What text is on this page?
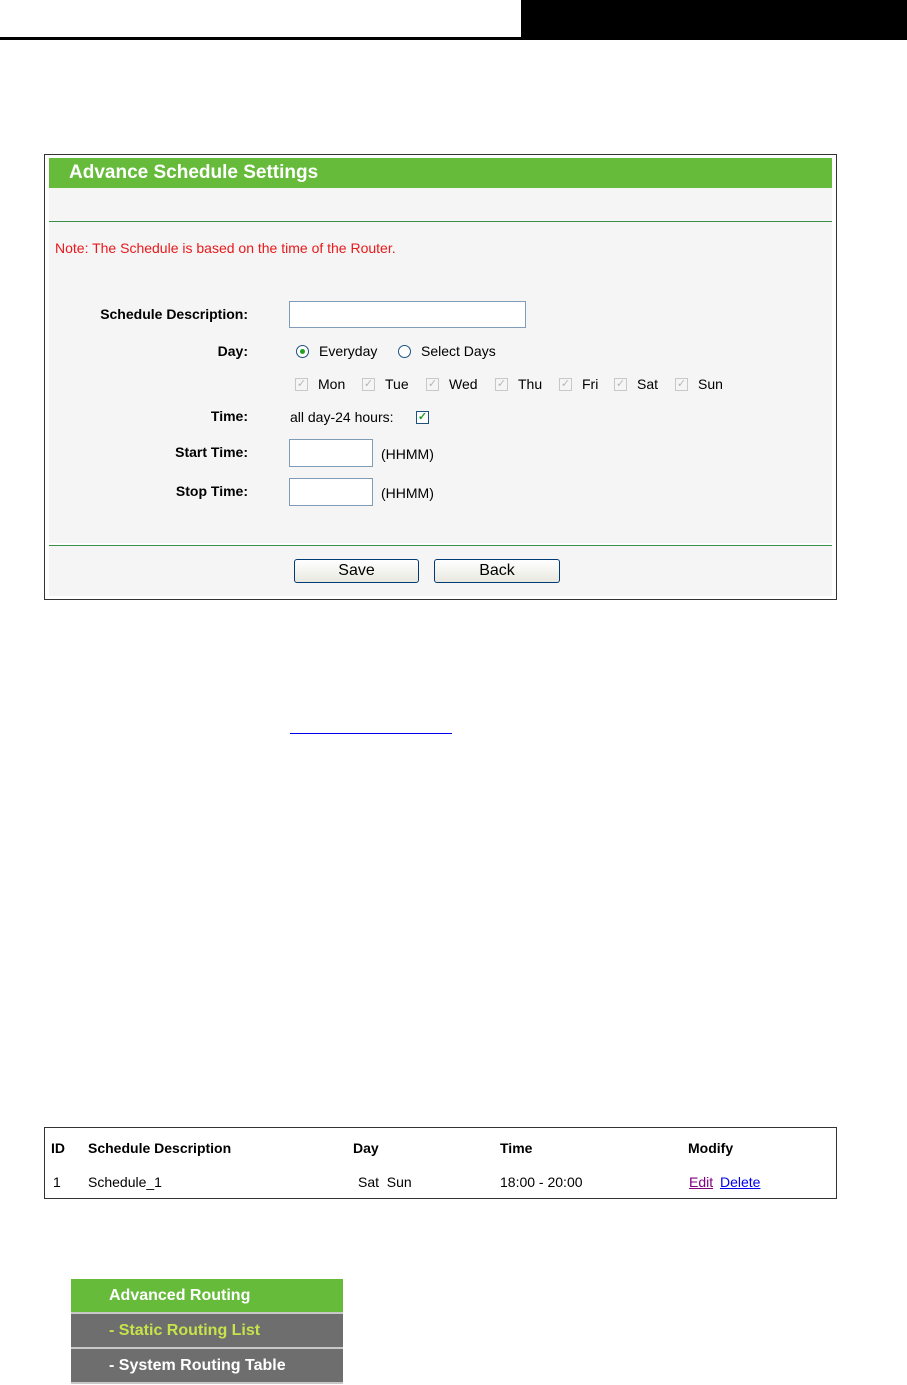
Advance Schedule Settings
Note: The Schedule is based on the time of the Router.
Schedule Description:
Day:	Everyday	Select Days
✓ Mon ✓ Tue ✓ Wed ✓ Thu ✓ Fri ✓ Sat ✓ Sun
Time:	all day-24 hours: ✓
Start Time:	(HHMM)
Stop Time:	(HHMM)
Save	Back
ID Schedule Description	Day	Time	Modify
1 Schedule_1	Sat  Sun	18:00 - 20:00	Edit Delete
Advanced Routing
- Static Routing List
- System Routing Table
